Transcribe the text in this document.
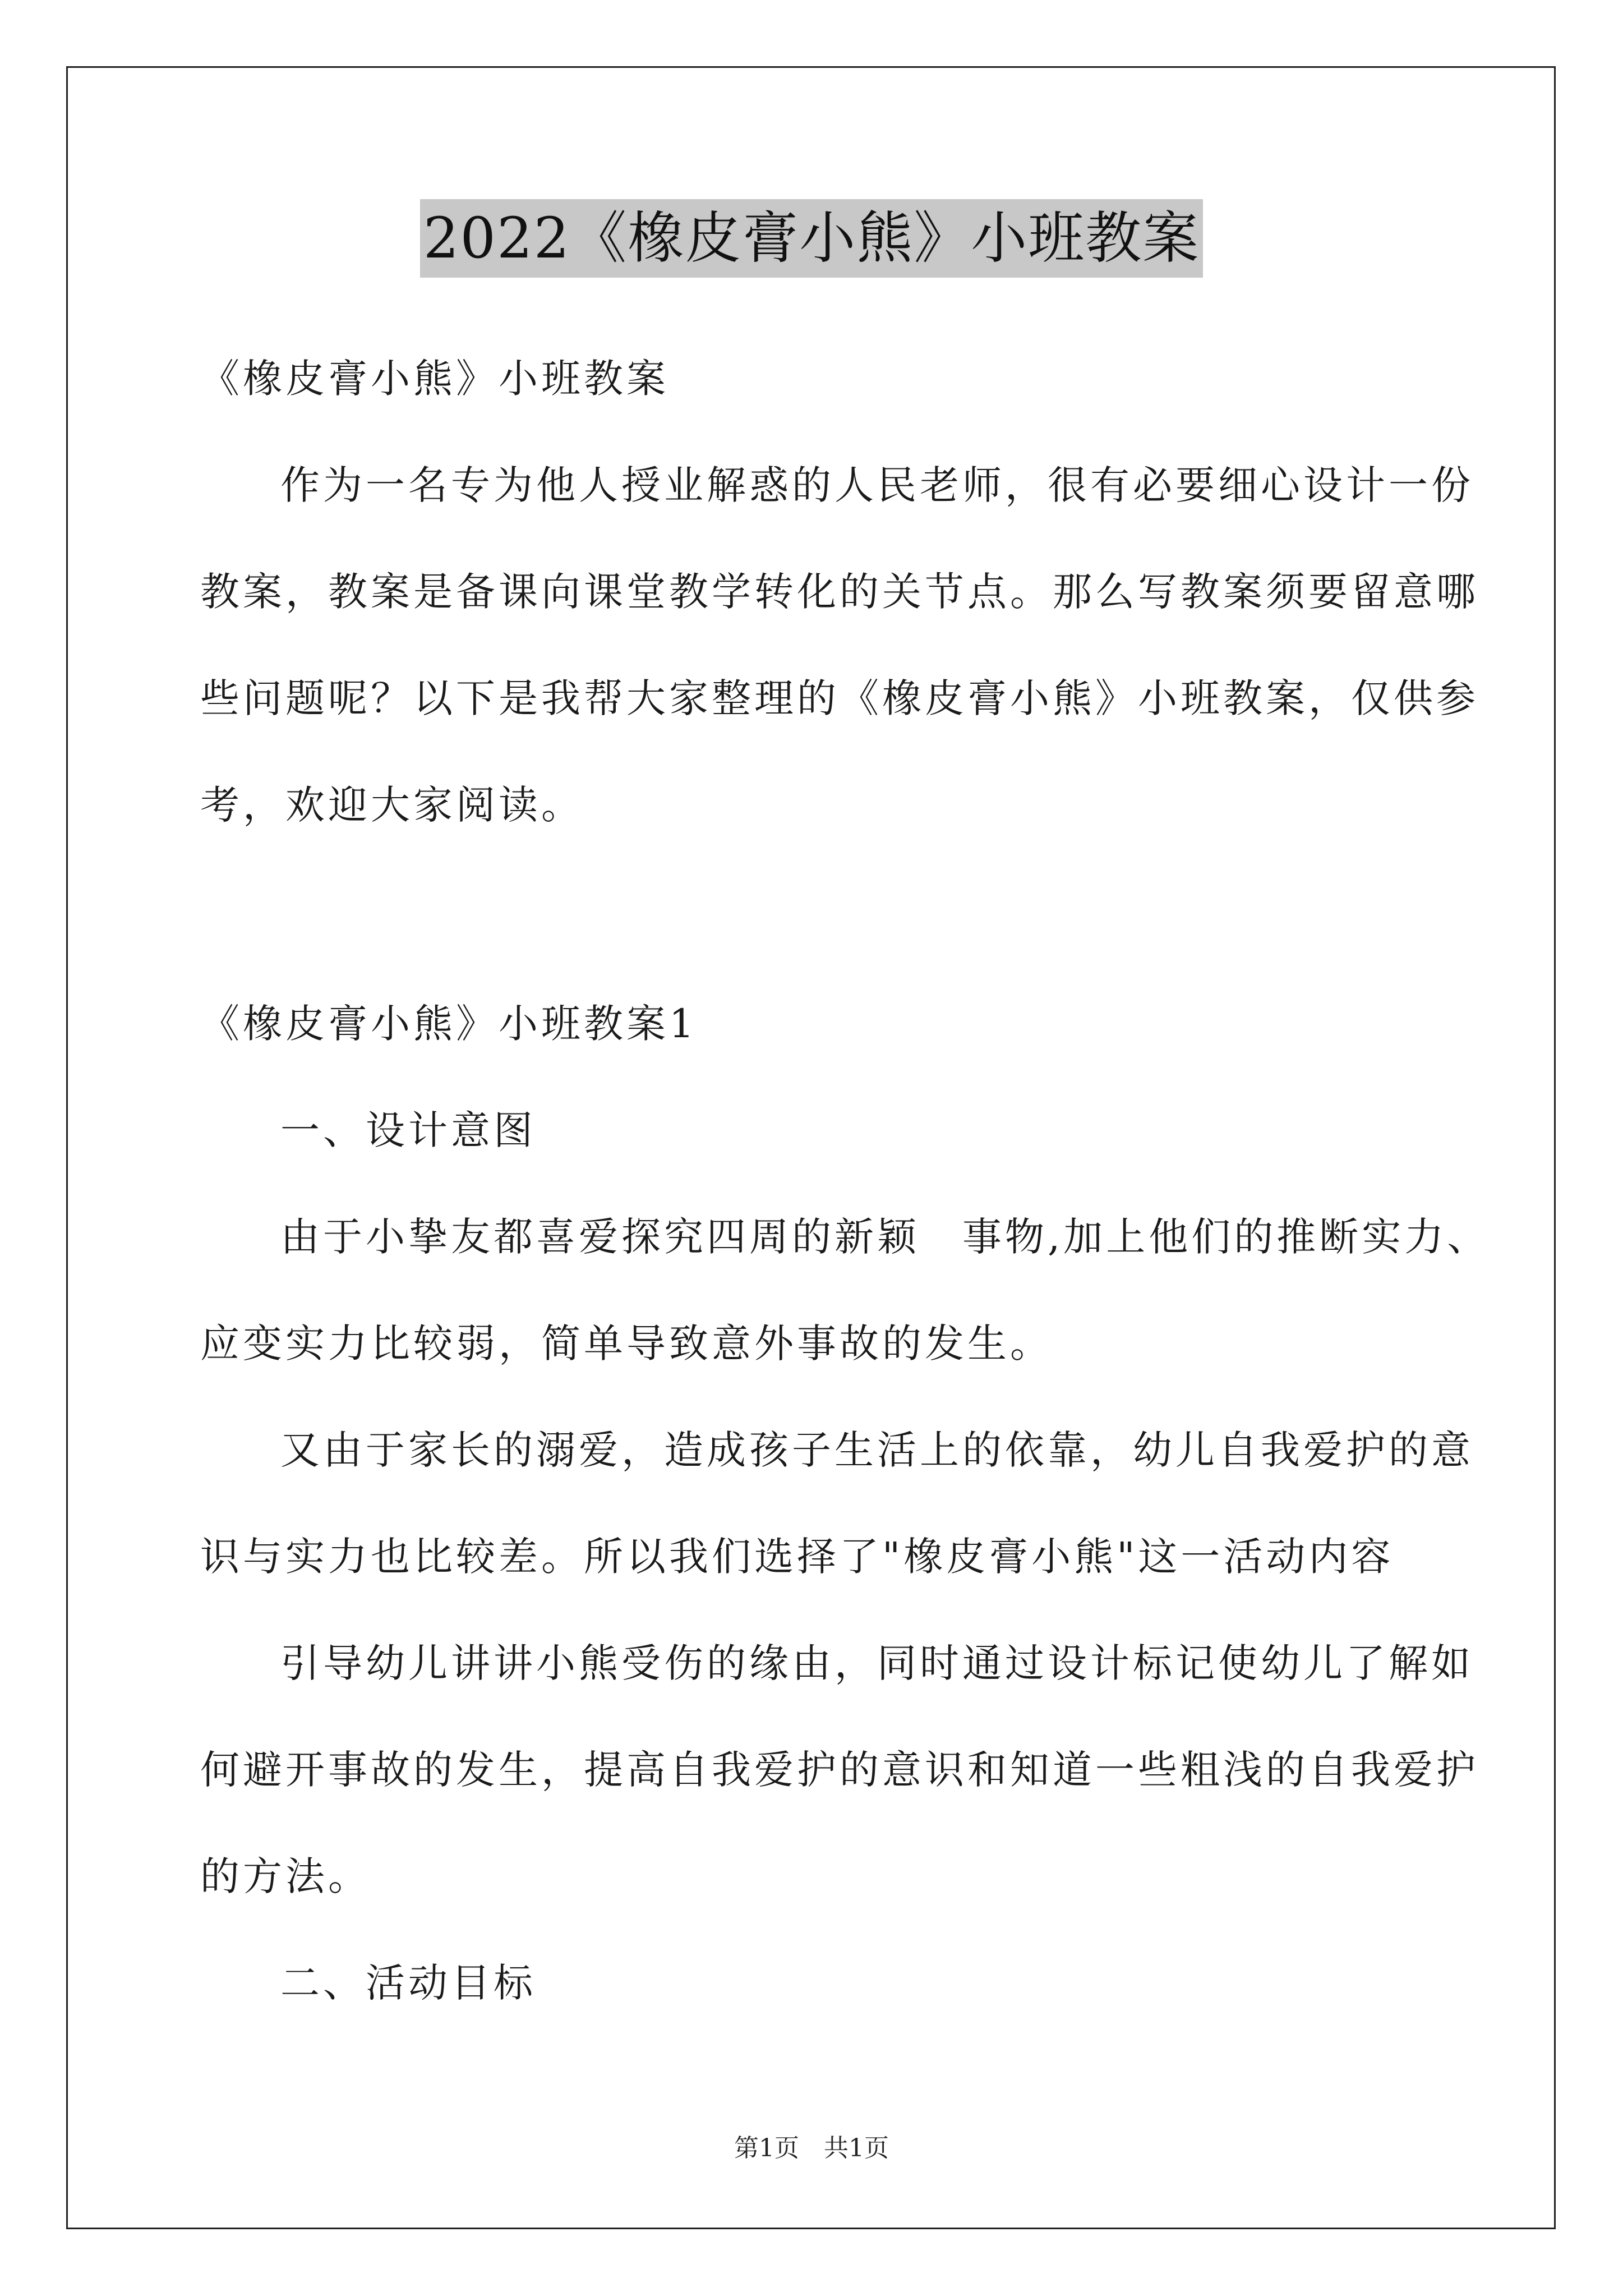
2022《橡皮膏小熊》小班教案
《橡皮膏小熊》小班教案
作为一名专为他人授业解惑的人民老师，很有必要细心设计一份
教案，教案是备课向课堂教学转化的关节点。那么写教案须要留意哪
些问题呢？以下是我帮大家整理的《橡皮膏小熊》小班教案，仅供参
考，欢迎大家阅读。
《橡皮膏小熊》小班教案1
一、设计意图
由于小挚友都喜爱探究四周的新颖　事物,加上他们的推断实力、
应变实力比较弱，简单导致意外事故的发生。
又由于家长的溺爱，造成孩子生活上的依靠，幼儿自我爱护的意
识与实力也比较差。所以我们选择了"橡皮膏小熊"这一活动内容
引导幼儿讲讲小熊受伤的缘由，同时通过设计标记使幼儿了解如
何避开事故的发生，提高自我爱护的意识和知道一些粗浅的自我爱护
的方法。
二、活动目标
第1页　共1页
